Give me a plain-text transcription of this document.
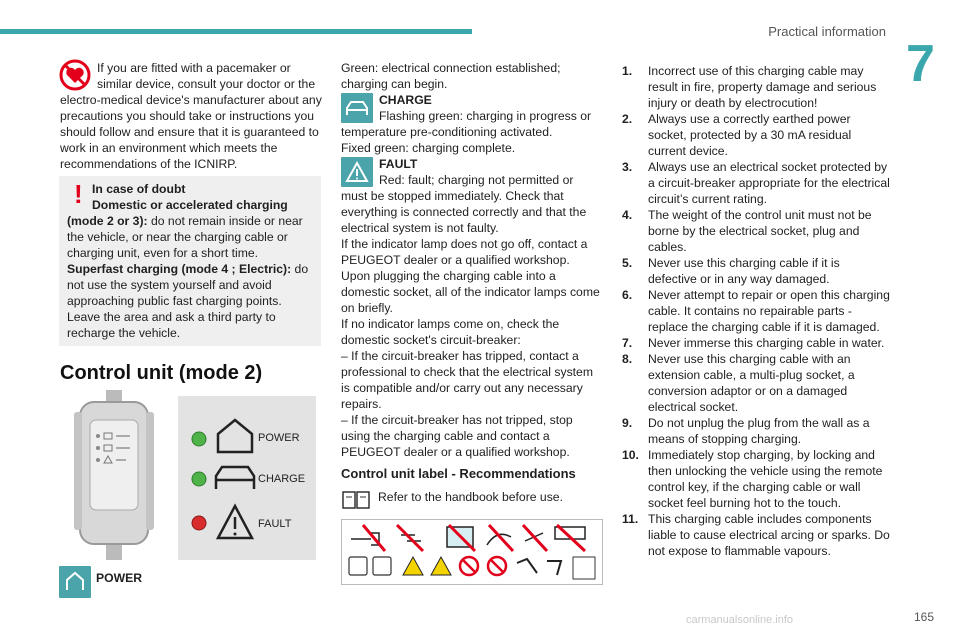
Practical information
7
165
carmanualsonline.info

If you are fitted with a pacemaker or

similar device, consult your doctor or the

electro-medical device's manufacturer about any precautions you should take or instructions you should follow and ensure that it is guaranteed to work in an environment which meets the recommendations of the ICNIRP.

! In case of doubt

Domestic or accelerated charging

(mode 2 or 3): do not remain inside or near the vehicle, or near the charging cable or charging unit, even for a short time.

Superfast charging (mode 4 ; Electric): do not use the system yourself and avoid approaching public fast charging points. Leave the area and ask a third party to recharge the vehicle.

Control unit (mode 2)
POWER
CHARGE
FAULT
POWER

Green: electrical connection established; charging can begin.

CHARGE

Flashing green: charging in progress or temperature pre-conditioning activated.

Fixed green: charging complete.

FAULT

Red: fault; charging not permitted or must be stopped immediately. Check that everything is connected correctly and that the electrical system is not faulty.

If the indicator lamp does not go off, contact a PEUGEOT dealer or a qualified workshop.

Upon plugging the charging cable into a domestic socket, all of the indicator lamps come on briefly.

If no indicator lamps come on, check the domestic socket's circuit-breaker:

– If the circuit-breaker has tripped, contact a professional to check that the electrical system is compatible and/or carry out any necessary repairs.

– If the circuit-breaker has not tripped, stop using the charging cable and contact a PEUGEOT dealer or a qualified workshop.

Control unit label - Recommendations
Refer to the handbook before use.
1. Incorrect use of this charging cable may result in fire, property damage and serious injury or death by electrocution!
2. Always use a correctly earthed power socket, protected by a 30 mA residual current device.
3. Always use an electrical socket protected by a circuit-breaker appropriate for the electrical circuit’s current rating.
4. The weight of the control unit must not be borne by the electrical socket, plug and cables.
5. Never use this charging cable if it is defective or in any way damaged.
6. Never attempt to repair or open this charging cable. It contains no repairable parts - replace the charging cable if it is damaged.
7. Never immerse this charging cable in water.
8. Never use this charging cable with an extension cable, a multi-plug socket, a conversion adaptor or on a damaged electrical socket.
9. Do not unplug the plug from the wall as a means of stopping charging.
10. Immediately stop charging, by locking and then unlocking the vehicle using the remote control key, if the charging cable or wall socket feel burning hot to the touch.
11. This charging cable includes components liable to cause electrical arcing or sparks. Do not expose to flammable vapours.
